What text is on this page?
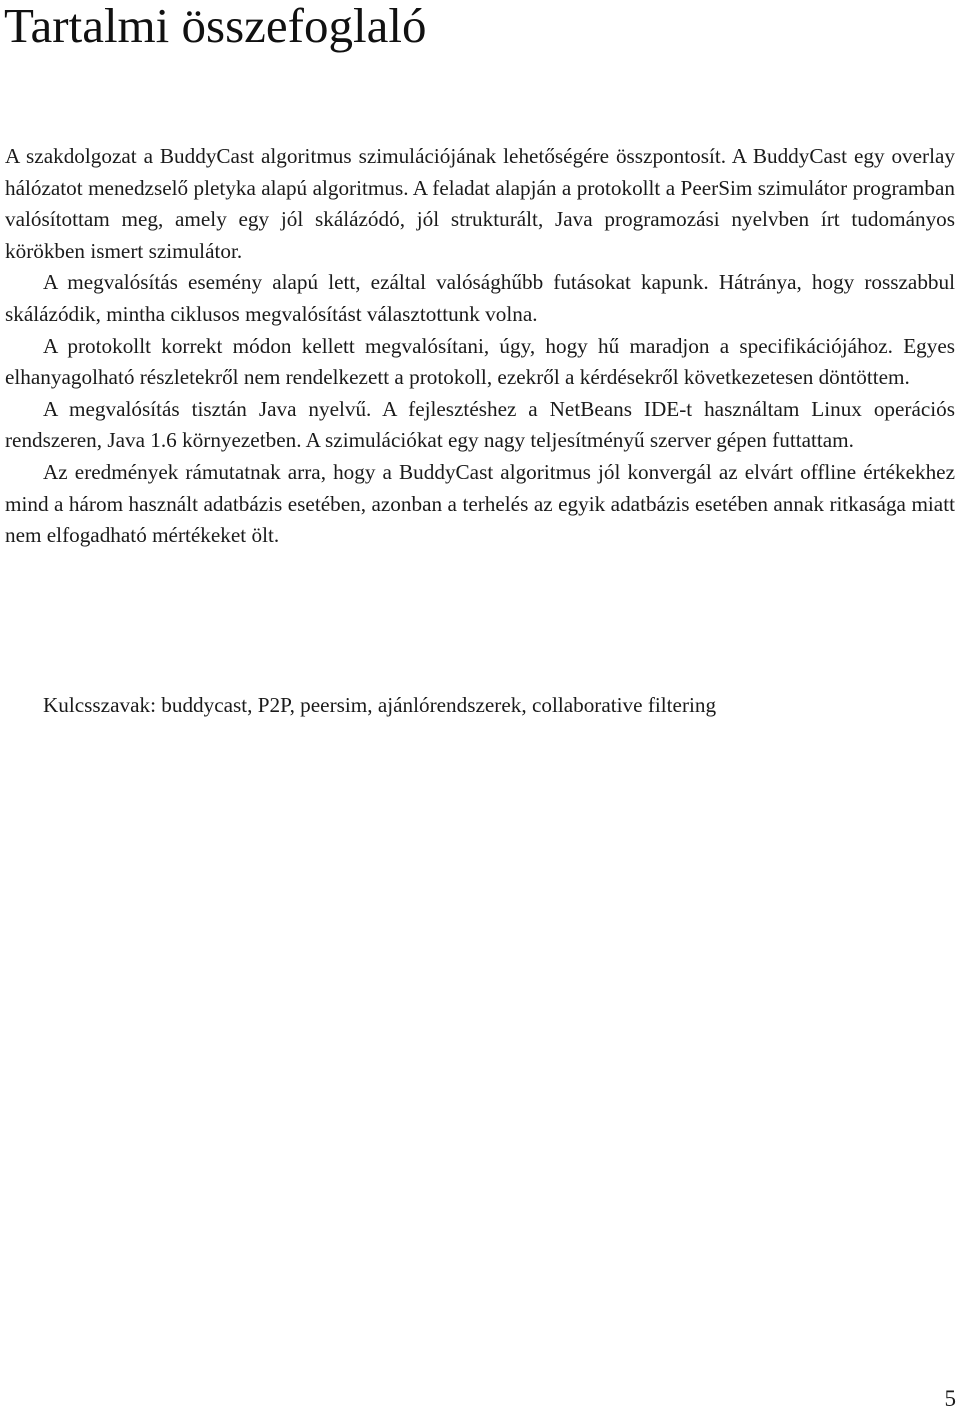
Tartalmi összefoglaló

A szakdolgozat a BuddyCast algoritmus szimulációjának lehetőségére összpontosít. A BuddyCast egy overlay hálózatot menedzselő pletyka alapú algoritmus. A feladat alapján a protokollt a PeerSim szimulátor programban valósítottam meg, amely egy jól skálázódó, jól strukturált, Java programozási nyelvben írt tudományos körökben ismert szimulátor.

A megvalósítás esemény alapú lett, ezáltal valósághűbb futásokat kapunk. Hátránya, hogy rosszabbul skálázódik, mintha ciklusos megvalósítást választottunk volna.

A protokollt korrekt módon kellett megvalósítani, úgy, hogy hű maradjon a specifikációjához. Egyes elhanyagolható részletekről nem rendelkezett a protokoll, ezekről a kérdésekről következetesen döntöttem.

A megvalósítás tisztán Java nyelvű. A fejlesztéshez a NetBeans IDE-t használtam Linux operációs rendszeren, Java 1.6 környezetben. A szimulációkat egy nagy teljesítményű szerver gépen futtattam.

Az eredmények rámutatnak arra, hogy a BuddyCast algoritmus jól konvergál az elvárt offline értékekhez mind a három használt adatbázis esetében, azonban a terhelés az egyik adatbázis esetében annak ritkasága miatt nem elfogadható mértékeket ölt.

Kulcsszavak: buddycast, P2P, peersim, ajánlórendszerek, collaborative filtering
5
